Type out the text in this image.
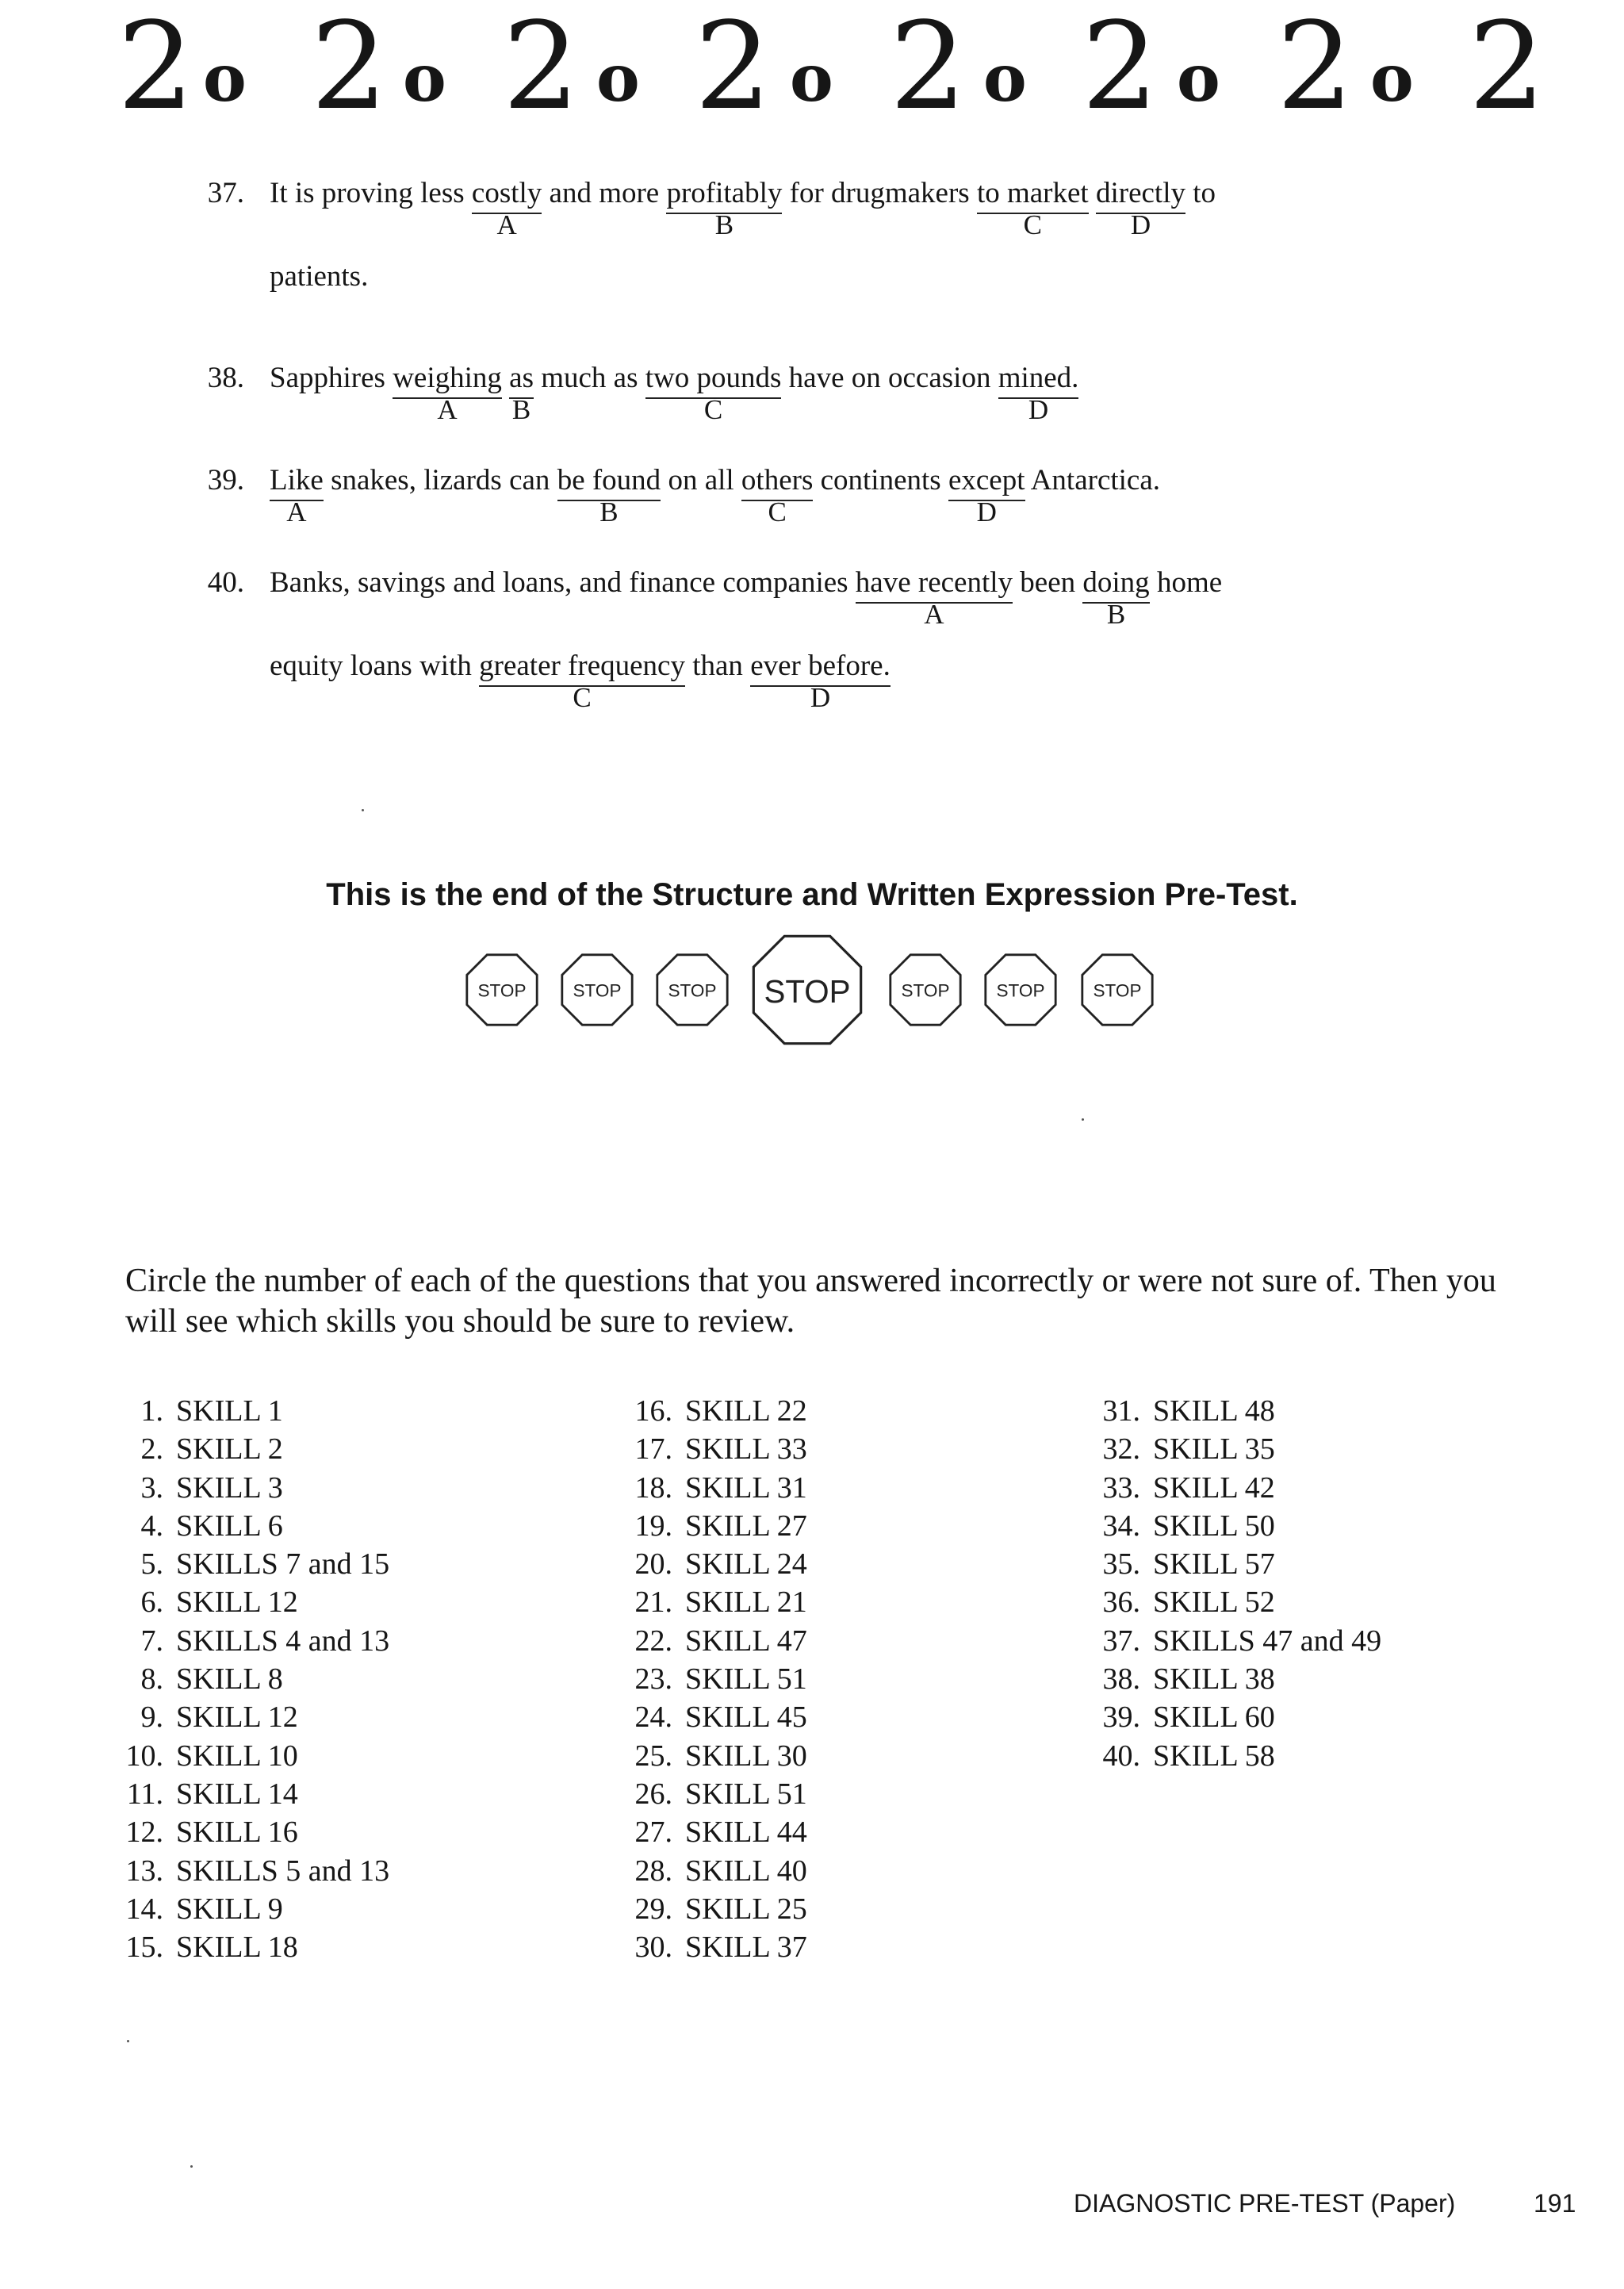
2 o 2 o 2 o 2 o 2 o 2 o 2 o 2
37. It is proving less costly
A
and more profitably
B
for drugmakers to market
C
directly
D
to
patients.
38. Sapphires weighing
A
as
B
much as two pounds
C
have on occasion mined.
D
39. Like
A
snakes, lizards can be found
B
on all others
C
continents except
D
Antarctica.
40. Banks, savings and loans, and finance companies have recently
A
been doing
B
home
equity loans with greater frequency
C
than ever before.
D
This is the end of the Structure and Written Expression Pre-Test.
STOP STOP STOP STOP	STOP STOP	STOP
Circle the number of each of the questions that you answered incorrectly or were not sure of. Then you will see which skills you should be sure to review.
1. SKILL 1
2. SKILL 2
3. SKILL 3
4. SKILL 6
5. SKILLS 7 and 15
6. SKILL 12
7. SKILLS 4 and 13
8. SKILL 8
9. SKILL 12
10. SKILL 10
11. SKILL 14
12. SKILL 16
13. SKILLS 5 and 13
14. SKILL 9
15. SKILL 18
16. SKILL 22
17. SKILL 33
18. SKILL 31
19. SKILL 27
20. SKILL 24
21. SKILL 21
22. SKILL 47
23. SKILL 51
24. SKILL 45
25. SKILL 30
26. SKILL 51
27. SKILL 44
28. SKILL 40
29. SKILL 25
30. SKILL 37
31. SKILL 48
32. SKILL 35
33. SKILL 42
34. SKILL 50
35. SKILL 57
36. SKILL 52
37. SKILLS 47 and 49
38. SKILL 38
39. SKILL 60
40. SKILL 58
DIAGNOSTIC PRE-TEST (Paper)	191
